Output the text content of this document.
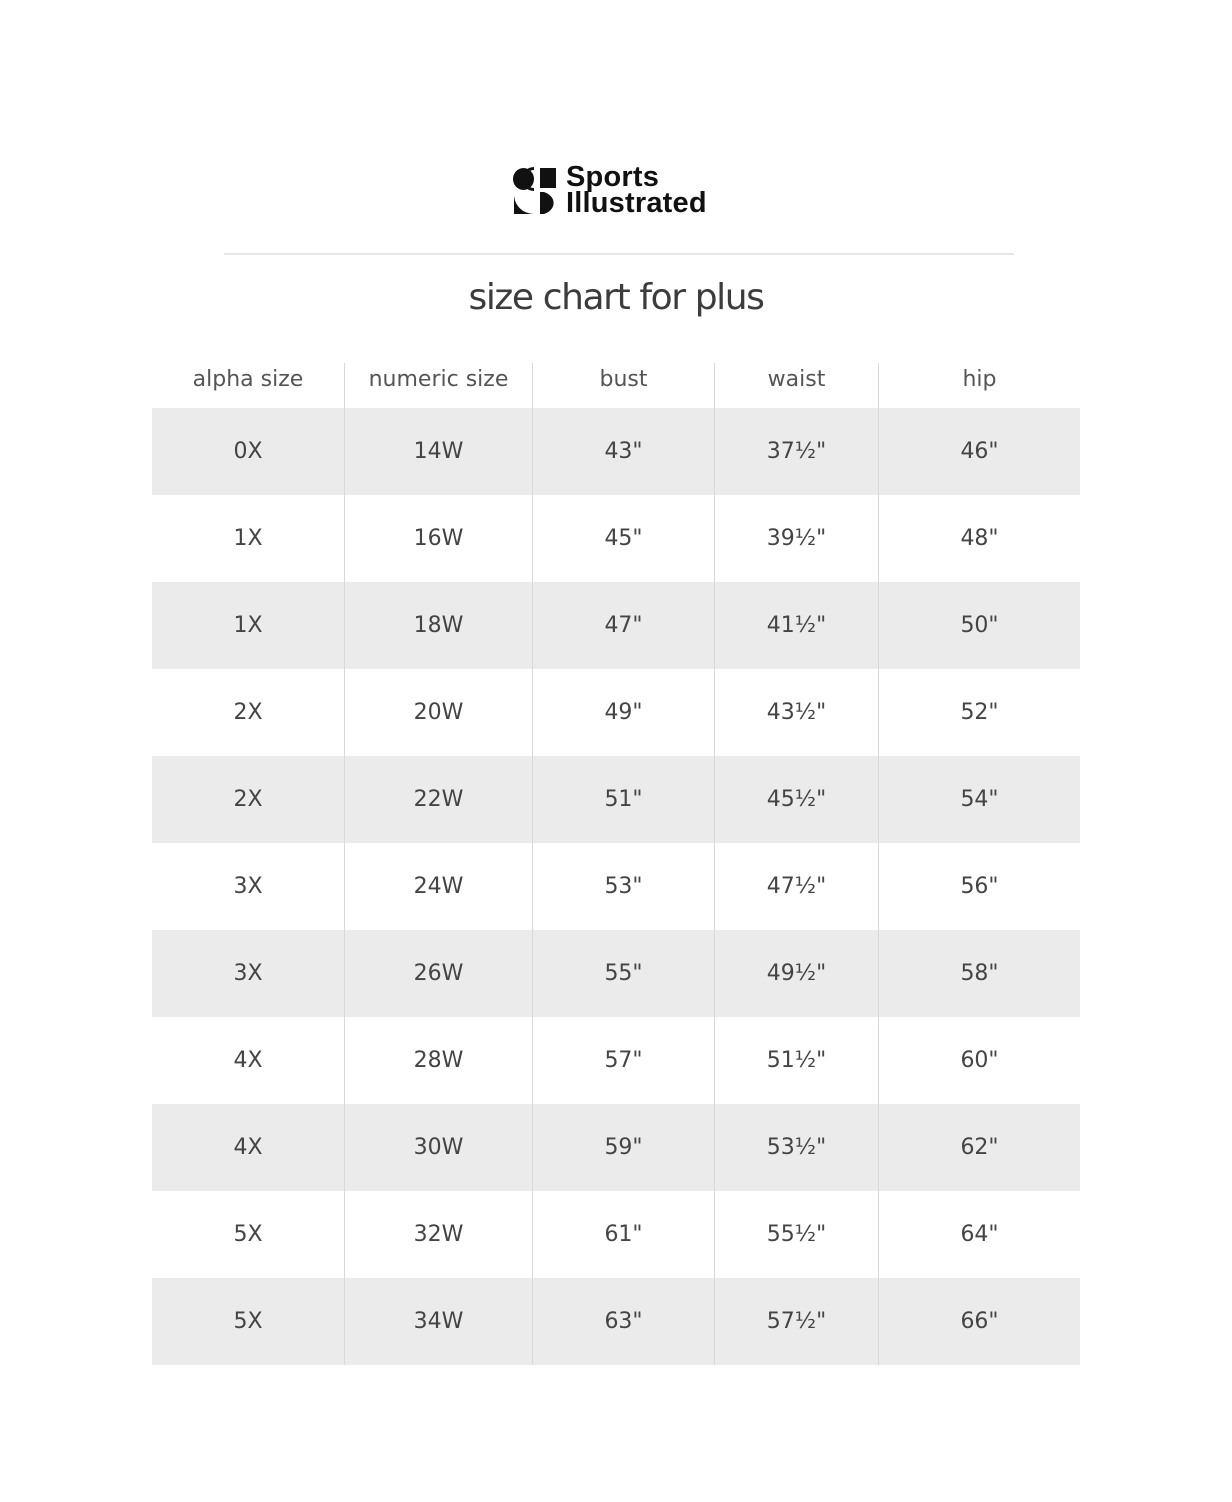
Sports
Illustrated
size chart for plus
alpha size	numeric size	bust	waist	hip
0X	14W	43"	37½"	46"
1X	16W	45"	39½"	48"
1X	18W	47"	41½"	50"
2X	20W	49"	43½"	52"
2X	22W	51"	45½"	54"
3X	24W	53"	47½"	56"
3X	26W	55"	49½"	58"
4X	28W	57"	51½"	60"
4X	30W	59"	53½"	62"
5X	32W	61"	55½"	64"
5X	34W	63"	57½"	66"
